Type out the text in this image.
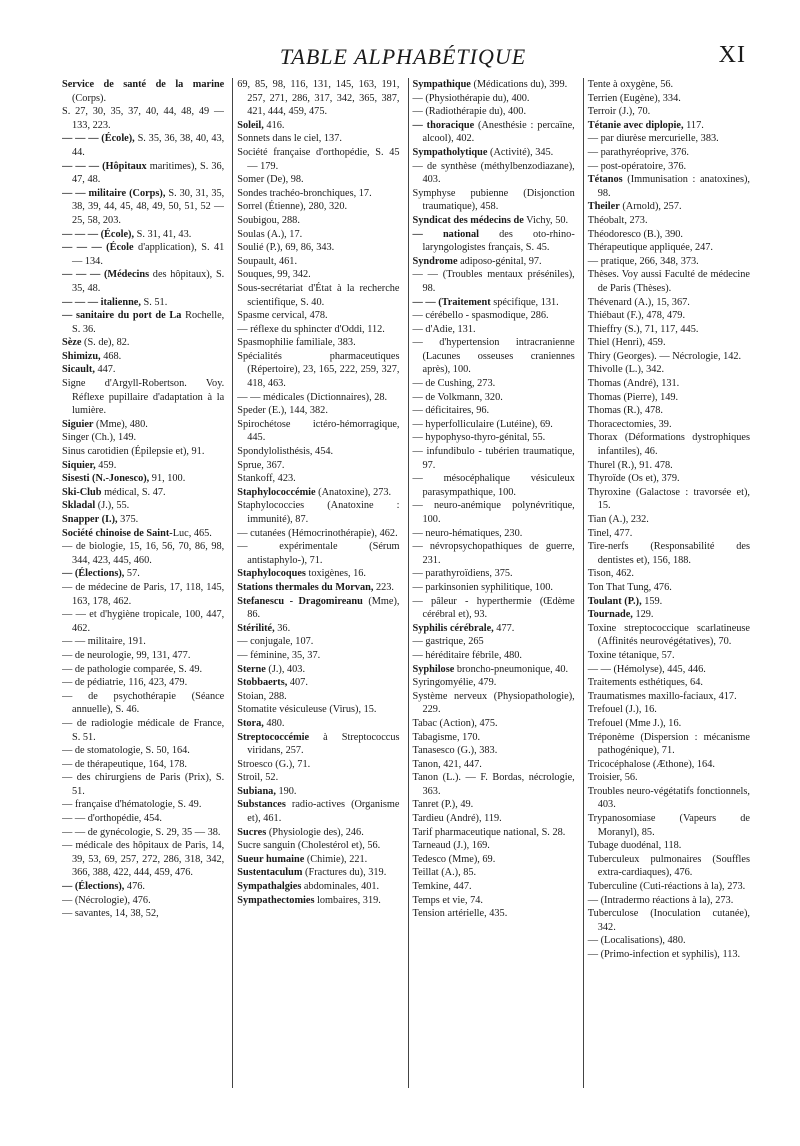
TABLE ALPHABÉTIQUE	XI

Service de santé de la marine (Corps).

S. 27, 30, 35, 37, 40, 44, 48, 49 — 133, 223.

— — — (École), S. 35, 36, 38, 40, 43, 44.

— — — (Hôpitaux maritimes), S. 36, 47, 48.

— — militaire (Corps), S. 30, 31, 35, 38, 39, 44, 45, 48, 49, 50, 51, 52 — 25, 58, 203.

— — — (École), S. 31, 41, 43.

— — — (École d'application), S. 41 — 134.

— — — (Médecins des hôpitaux), S. 35, 48.

— — — italienne, S. 51.

— sanitaire du port de La Rochelle, S. 36.

Sèze (S. de), 82.

Shimizu, 468.

Sicault, 447.

Signe d'Argyll-Robertson. Voy. Réflexe pupillaire d'adaptation à la lumière.

Siguier (Mme), 480.

Singer (Ch.), 149.

Sinus carotidien (Épilepsie et), 91.

Siquier, 459.

Sisesti (N.-Jonesco), 91, 100.

Ski-Club médical, S. 47.

Skladal (J.), 55.

Snapper (I.), 375.

Société chinoise de Saint-Luc, 465.

— de biologie, 15, 16, 56, 70, 86, 98, 344, 423, 445, 460.

— (Élections), 57.

— de médecine de Paris, 17, 118, 145, 163, 178, 462.

— — et d'hygiène tropicale, 100, 447, 462.

— — militaire, 191.

— de neurologie, 99, 131, 477.

— de pathologie comparée, S. 49.

— de pédiatrie, 116, 423, 479.

— de psychothérapie (Séance annuelle), S. 46.

— de radiologie médicale de France, S. 51.

— de stomatologie, S. 50, 164.

— de thérapeutique, 164, 178.

— des chirurgiens de Paris (Prix), S. 51.

— française d'hématologie, S. 49.

— — d'orthopédie, 454.

— — de gynécologie, S. 29, 35 — 38.

— médicale des hôpitaux de Paris, 14, 39, 53, 69, 257, 272, 286, 318, 342, 366, 388, 422, 444, 459, 476.

— (Élections), 476.

— (Nécrologie), 476.

— savantes, 14, 38, 52,

69, 85, 98, 116, 131, 145, 163, 191, 257, 271, 286, 317, 342, 365, 387, 421, 444, 459, 475.

Soleil, 416.

Sonnets dans le ciel, 137.

Société française d'orthopédie, S. 45 — 179.

Somer (De), 98.

Sondes trachéo-bronchiques, 17.

Sorrel (Étienne), 280, 320.

Soubigou, 288.

Soulas (A.), 17.

Soulié (P.), 69, 86, 343.

Soupault, 461.

Souques, 99, 342.

Sous-secrétariat d'État à la recherche scientifique, S. 40.

Spasme cervical, 478.

— réflexe du sphincter d'Oddi, 112.

Spasmophilie familiale, 383.

Spécialités pharmaceutiques (Répertoire), 23, 165, 222, 259, 327, 418, 463.

— — médicales (Dictionnaires), 28.

Speder (E.), 144, 382.

Spirochétose ictéro-hémorragique, 445.

Spondylolisthésis, 454.

Sprue, 367.

Stankoff, 423.

Staphylococcémie (Anatoxine), 273.

Staphylococcies (Anatoxine : immunité), 87.

— cutanées (Hémocrinothérapie), 462.

— expérimentale (Sérum antistaphylo-), 71.

Staphylocoques toxigènes, 16.

Stations thermales du Morvan, 223.

Stefanescu - Dragomireanu (Mme), 86.

Stérilité, 36.

— conjugale, 107.

— féminine, 35, 37.

Sterne (J.), 403.

Stobbaerts, 407.

Stoian, 288.

Stomatite vésiculeuse (Virus), 15.

Stora, 480.

Streptococcémie à Streptococcus viridans, 257.

Stroesco (G.), 71.

Stroil, 52.

Subiana, 190.

Substances radio-actives (Organisme et), 461.

Sucres (Physiologie des), 246.

Sucre sanguin (Cholestérol et), 56.

Sueur humaine (Chimie), 221.

Sustentaculum (Fractures du), 319.

Sympathalgies abdominales, 401.

Sympathectomies lombaires, 319.

Sympathique (Médications du), 399.

— (Physiothérapie du), 400.

— (Radiothérapie du), 400.

— thoracique (Anesthésie : percaïne, alcool), 402.

Sympatholytique (Activité), 345.

— de synthèse (méthylbenzodiazane), 403.

Symphyse pubienne (Disjonction traumatique), 458.

Syndicat des médecins de Vichy, 50.

— national des oto-rhino-laryngologistes français, S. 45.

Syndrome adiposo-génital, 97.

— — (Troubles mentaux préséniles), 98.

— — (Traitement spécifique, 131.

— cérébello - spasmodique, 286.

— d'Adie, 131.

— d'hypertension intracranienne (Lacunes osseuses craniennes après), 100.

— de Cushing, 273.

— de Volkmann, 320.

— déficitaires, 96.

— hyperfolliculaire (Lutéine), 69.

— hypophyso-thyro-génital, 55.

— infundibulo - tubérien traumatique, 97.

— mésocéphalique vésiculeux parasympathique, 100.

— neuro-anémique polynévritique, 100.

— neuro-hématiques, 230.

— névropsychopathiques de guerre, 231.

— parathyroïdiens, 375.

— parkinsonien syphilitique, 100.

— pâleur - hyperthermie (Œdème cérébral et), 93.

Syphilis cérébrale, 477.

— gastrique, 265

— héréditaire fébrile, 480.

Syphilose broncho-pneumonique, 40.

Syringomyélie, 479.

Système nerveux (Physiopathologie), 229.

Tabac (Action), 475.

Tabagisme, 170.

Tanasesco (G.), 383.

Tanon, 421, 447.

Tanon (L.). — F. Bordas, nécrologie, 363.

Tanret (P.), 49.

Tardieu (André), 119.

Tarif pharmaceutique national, S. 28.

Tarneaud (J.), 169.

Tedesco (Mme), 69.

Teillat (A.), 85.

Temkine, 447.

Temps et vie, 74.

Tension artérielle, 435.

Tente à oxygène, 56.

Terrien (Eugène), 334.

Terroir (J.), 70.

Tétanie avec diplopie, 117.

— par diurèse mercurielle, 383.

— parathyréoprive, 376.

— post-opératoire, 376.

Tétanos (Immunisation : anatoxines), 98.

Theiler (Arnold), 257.

Théobalt, 273.

Théodoresco (B.), 390.

Thérapeutique appliquée, 247.

— pratique, 266, 348, 373.

Thèses. Voy aussi Faculté de médecine de Paris (Thèses).

Thévenard (A.), 15, 367.

Thiébaut (F.), 478, 479.

Thieffry (S.), 71, 117, 445.

Thiel (Henri), 459.

Thiry (Georges). — Nécrologie, 142.

Thivolle (L.), 342.

Thomas (André), 131.

Thomas (Pierre), 149.

Thomas (R.), 478.

Thoracectomies, 39.

Thorax (Déformations dystrophiques infantiles), 46.

Thurel (R.), 91. 478.

Thyroïde (Os et), 379.

Thyroxine (Galactose : travorsée et), 15.

Tian (A.), 232.

Tinel, 477.

Tire-nerfs (Responsabilité des dentistes et), 156, 188.

Tison, 462.

Ton That Tung, 476.

Toulant (P.), 159.

Tournade, 129.

Toxine streptococcique scarlatineuse (Affinités neurovégétatives), 70.

Toxine tétanique, 57.

— — (Hémolyse), 445, 446.

Traitements esthétiques, 64.

Traumatismes maxillo-faciaux, 417.

Trefouel (J.), 16.

Trefouel (Mme J.), 16.

Tréponème (Dispersion : mécanisme pathogénique), 71.

Tricocéphalose (Æthone), 164.

Troisier, 56.

Troubles neuro-végétatifs fonctionnels, 403.

Trypanosomiase (Vapeurs de Moranyl), 85.

Tubage duodénal, 118.

Tuberculeux pulmonaires (Souffles extra-cardiaques), 476.

Tuberculine (Cuti-réactions à la), 273.

— (Intradermo réactions à la), 273.

Tuberculose (Inoculation cutanée), 342.

— (Localisations), 480.

— (Primo-infection et syphilis), 113.
